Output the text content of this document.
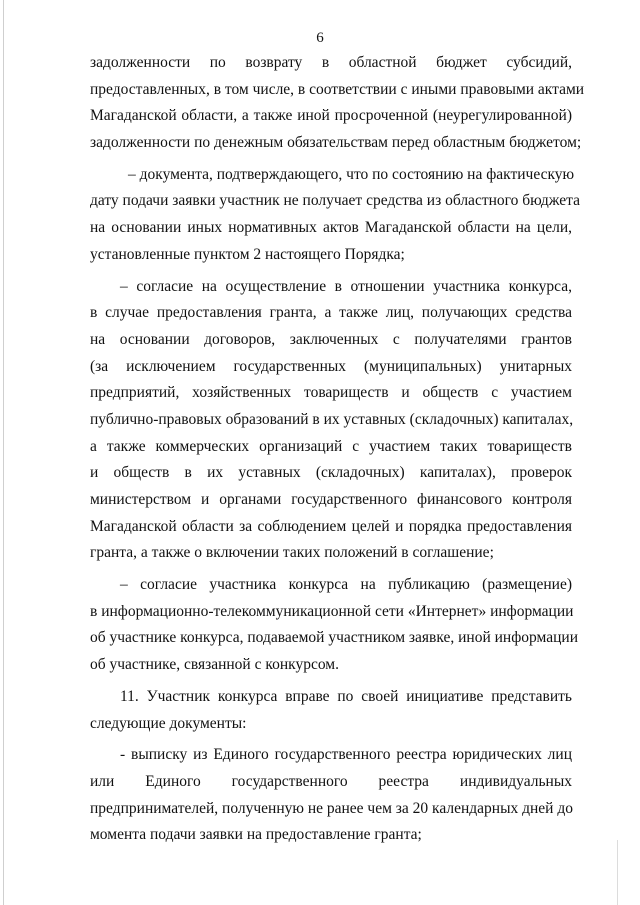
6
задолженности по возврату в областной бюджет субсидий,
предоставленных, в том числе, в соответствии с иными правовыми актами
Магаданской области, а также иной просроченной (неурегулированной)
задолженности по денежным обязательствам перед областным бюджетом;
– документа, подтверждающего, что по состоянию на фактическую
дату подачи заявки участник не получает средства из областного бюджета
на основании иных нормативных актов Магаданской области на цели,
установленные пунктом 2 настоящего Порядка;
– согласие на осуществление в отношении участника конкурса,
в случае предоставления гранта, а также лиц, получающих средства
на основании договоров, заключенных с получателями грантов
(за исключением государственных (муниципальных) унитарных
предприятий, хозяйственных товариществ и обществ с участием
публично-правовых образований в их уставных (складочных) капиталах,
а также коммерческих организаций с участием таких товариществ
и обществ в их уставных (складочных) капиталах), проверок
министерством и органами государственного финансового контроля
Магаданской области за соблюдением целей и порядка предоставления
гранта, а также о включении таких положений в соглашение;
– согласие участника конкурса на публикацию (размещение)
в информационно-телекоммуникационной сети «Интернет» информации
об участнике конкурса, подаваемой участником заявке, иной информации
об участнике, связанной с конкурсом.
11. Участник конкурса вправе по своей инициативе представить
следующие документы:
- выписку из Единого государственного реестра юридических лиц
или Единого государственного реестра индивидуальных
предпринимателей, полученную не ранее чем за 20 календарных дней до
момента подачи заявки на предоставление гранта;
